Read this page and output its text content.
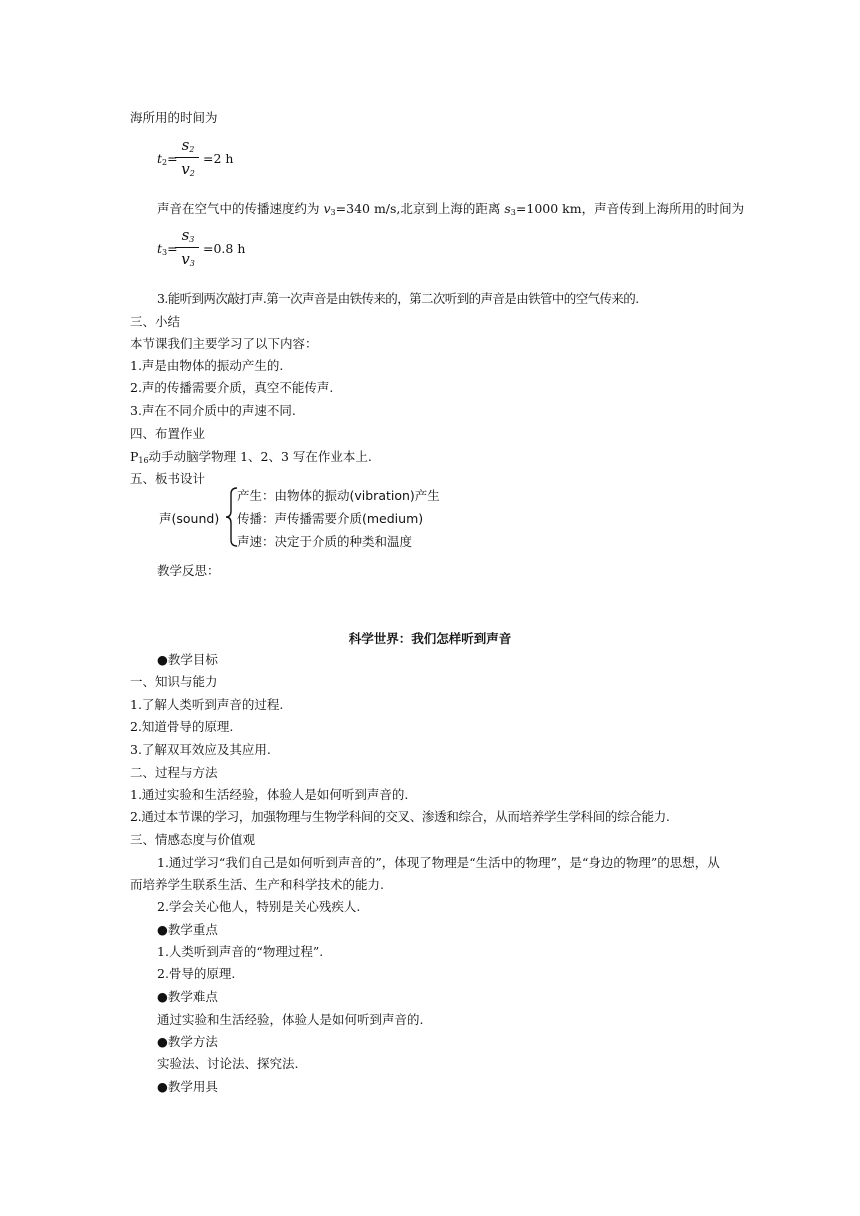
海所用的时间为
$t_2=$
$s_2$
$v_2$
=2 h
声音在空气中的传播速度约为 $v_3=340$ m/s,北京到上海的距离 $s_3=1000$ km，声音传到上海所用的时间为
$t_3=$
$s_3$
$v_3$
=0.8 h
3.能听到两次敲打声.第一次声音是由铁传来的，第二次听到的声音是由铁管中的空气传来的.
三、小结
本节课我们主要学习了以下内容：
1.声是由物体的振动产生的.
2.声的传播需要介质，真空不能传声.
3.声在不同介质中的声速不同.
四、布置作业
$P_{16}$动手动脑学物理 1、2、3 写在作业本上.
五、板书设计
声(sound)
产生：由物体的振动(vibration)产生
传播：声传播需要介质(medium)
声速：决定于介质的种类和温度
教学反思：
科学世界：我们怎样听到声音
●教学目标
一、知识与能力
1.了解人类听到声音的过程.
2.知道骨导的原理.
3.了解双耳效应及其应用.
二、过程与方法
1.通过实验和生活经验，体验人是如何听到声音的.
2.通过本节课的学习，加强物理与生物学科间的交叉、渗透和综合，从而培养学生学科间的综合能力.
三、情感态度与价值观
1.通过学习“我们自己是如何听到声音的”，体现了物理是“生活中的物理”，是“身边的物理”的思想，从而培养学生联系生活、生产和科学技术的能力.
2.学会关心他人，特别是关心残疾人.
●教学重点
1.人类听到声音的“物理过程”.
2.骨导的原理.
●教学难点
通过实验和生活经验，体验人是如何听到声音的.
●教学方法
实验法、讨论法、探究法.
●教学用具
